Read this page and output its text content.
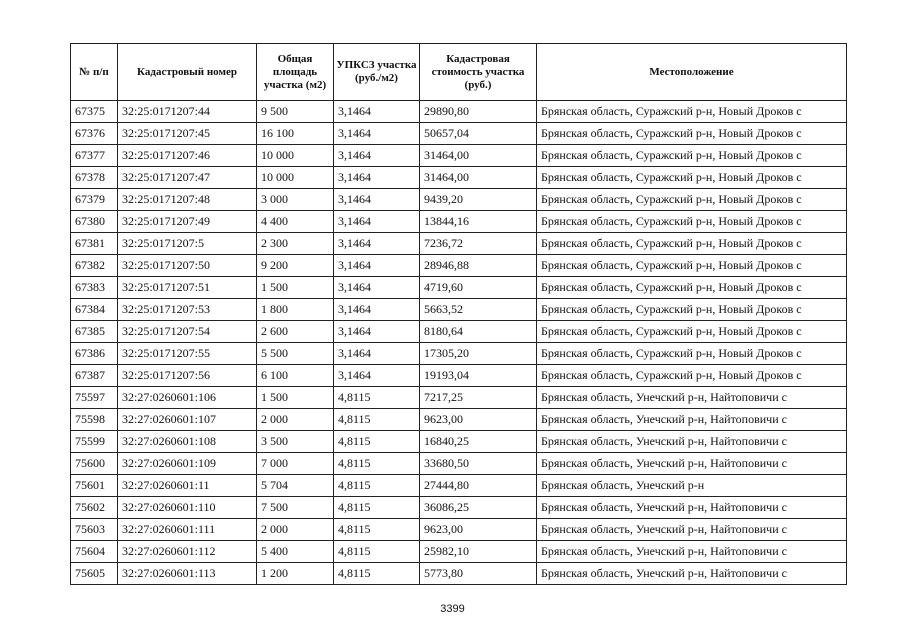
№ п/п	Кадастровый номер	Общая площадь участка (м2)	УПКСЗ участка (руб./м2)	Кадастровая стоимость участка (руб.)	Местоположение
67375	32:25:0171207:44	9 500	3,1464	29890,80	Брянская область, Суражский р-н, Новый Дроков с
67376	32:25:0171207:45	16 100	3,1464	50657,04	Брянская область, Суражский р-н, Новый Дроков с
67377	32:25:0171207:46	10 000	3,1464	31464,00	Брянская область, Суражский р-н, Новый Дроков с
67378	32:25:0171207:47	10 000	3,1464	31464,00	Брянская область, Суражский р-н, Новый Дроков с
67379	32:25:0171207:48	3 000	3,1464	9439,20	Брянская область, Суражский р-н, Новый Дроков с
67380	32:25:0171207:49	4 400	3,1464	13844,16	Брянская область, Суражский р-н, Новый Дроков с
67381	32:25:0171207:5	2 300	3,1464	7236,72	Брянская область, Суражский р-н, Новый Дроков с
67382	32:25:0171207:50	9 200	3,1464	28946,88	Брянская область, Суражский р-н, Новый Дроков с
67383	32:25:0171207:51	1 500	3,1464	4719,60	Брянская область, Суражский р-н, Новый Дроков с
67384	32:25:0171207:53	1 800	3,1464	5663,52	Брянская область, Суражский р-н, Новый Дроков с
67385	32:25:0171207:54	2 600	3,1464	8180,64	Брянская область, Суражский р-н, Новый Дроков с
67386	32:25:0171207:55	5 500	3,1464	17305,20	Брянская область, Суражский р-н, Новый Дроков с
67387	32:25:0171207:56	6 100	3,1464	19193,04	Брянская область, Суражский р-н, Новый Дроков с
75597	32:27:0260601:106	1 500	4,8115	7217,25	Брянская область, Унечский р-н, Найтоповичи с
75598	32:27:0260601:107	2 000	4,8115	9623,00	Брянская область, Унечский р-н, Найтоповичи с
75599	32:27:0260601:108	3 500	4,8115	16840,25	Брянская область, Унечский р-н, Найтоповичи с
75600	32:27:0260601:109	7 000	4,8115	33680,50	Брянская область, Унечский р-н, Найтоповичи с
75601	32:27:0260601:11	5 704	4,8115	27444,80	Брянская область, Унечский р-н
75602	32:27:0260601:110	7 500	4,8115	36086,25	Брянская область, Унечский р-н, Найтоповичи с
75603	32:27:0260601:111	2 000	4,8115	9623,00	Брянская область, Унечский р-н, Найтоповичи с
75604	32:27:0260601:112	5 400	4,8115	25982,10	Брянская область, Унечский р-н, Найтоповичи с
75605	32:27:0260601:113	1 200	4,8115	5773,80	Брянская область, Унечский р-н, Найтоповичи с
3399
